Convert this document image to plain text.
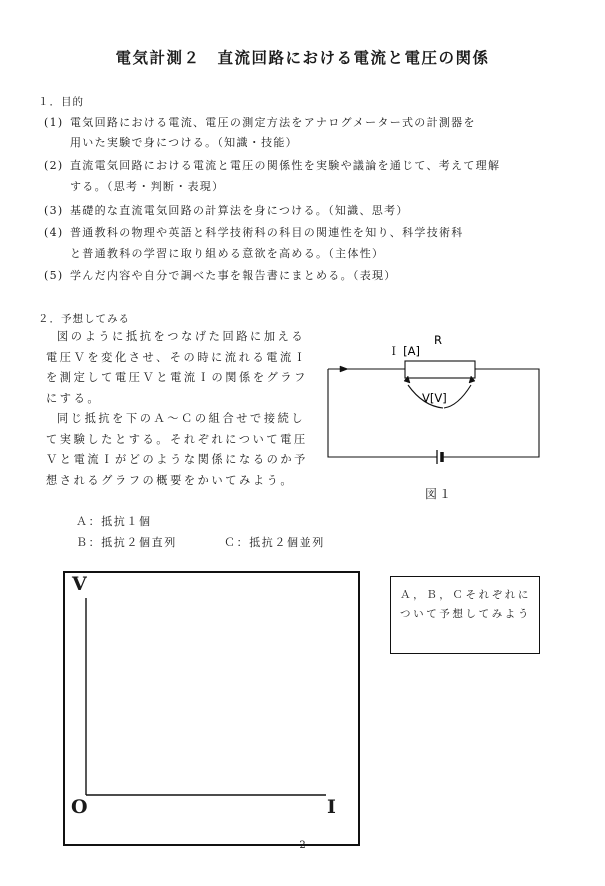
電気計測２　直流回路における電流と電圧の関係
１．目的
(1) 電気回路における電流、電圧の測定方法をアナログメーター式の計測器を
用いた実験で身につける。（知識・技能）
(2) 直流電気回路における電流と電圧の関係性を実験や議論を通じて、考えて理解
する。（思考・判断・表現）
(3) 基礎的な直流電気回路の計算法を身につける。（知識、思考）
(4) 普通教科の物理や英語と科学技術科の科目の関連性を知り、科学技術科
と普通教科の学習に取り組める意欲を高める。（主体性）
(5) 学んだ内容や自分で調べた事を報告書にまとめる。（表現）
２．予想してみる

図のように抵抗をつなげた回路に加える電圧Ｖを変化させ、その時に流れる電流Ｉを測定して電圧Ｖと電流Ｉの関係をグラフにする。

同じ抵抗を下のＡ～Ｃの組合せで接続して実験したとする。それぞれについて電圧Ｖと電流Ｉがどのような関係になるのか予想されるグラフの概要をかいてみよう。

Ａ：抵抗１個
Ｂ：抵抗２個直列	Ｃ：抵抗２個並列
Ｉ [A]
R
V[V]
図１
V
O	I
Ａ，Ｂ，Ｃそれぞれについて予想してみよう
2
